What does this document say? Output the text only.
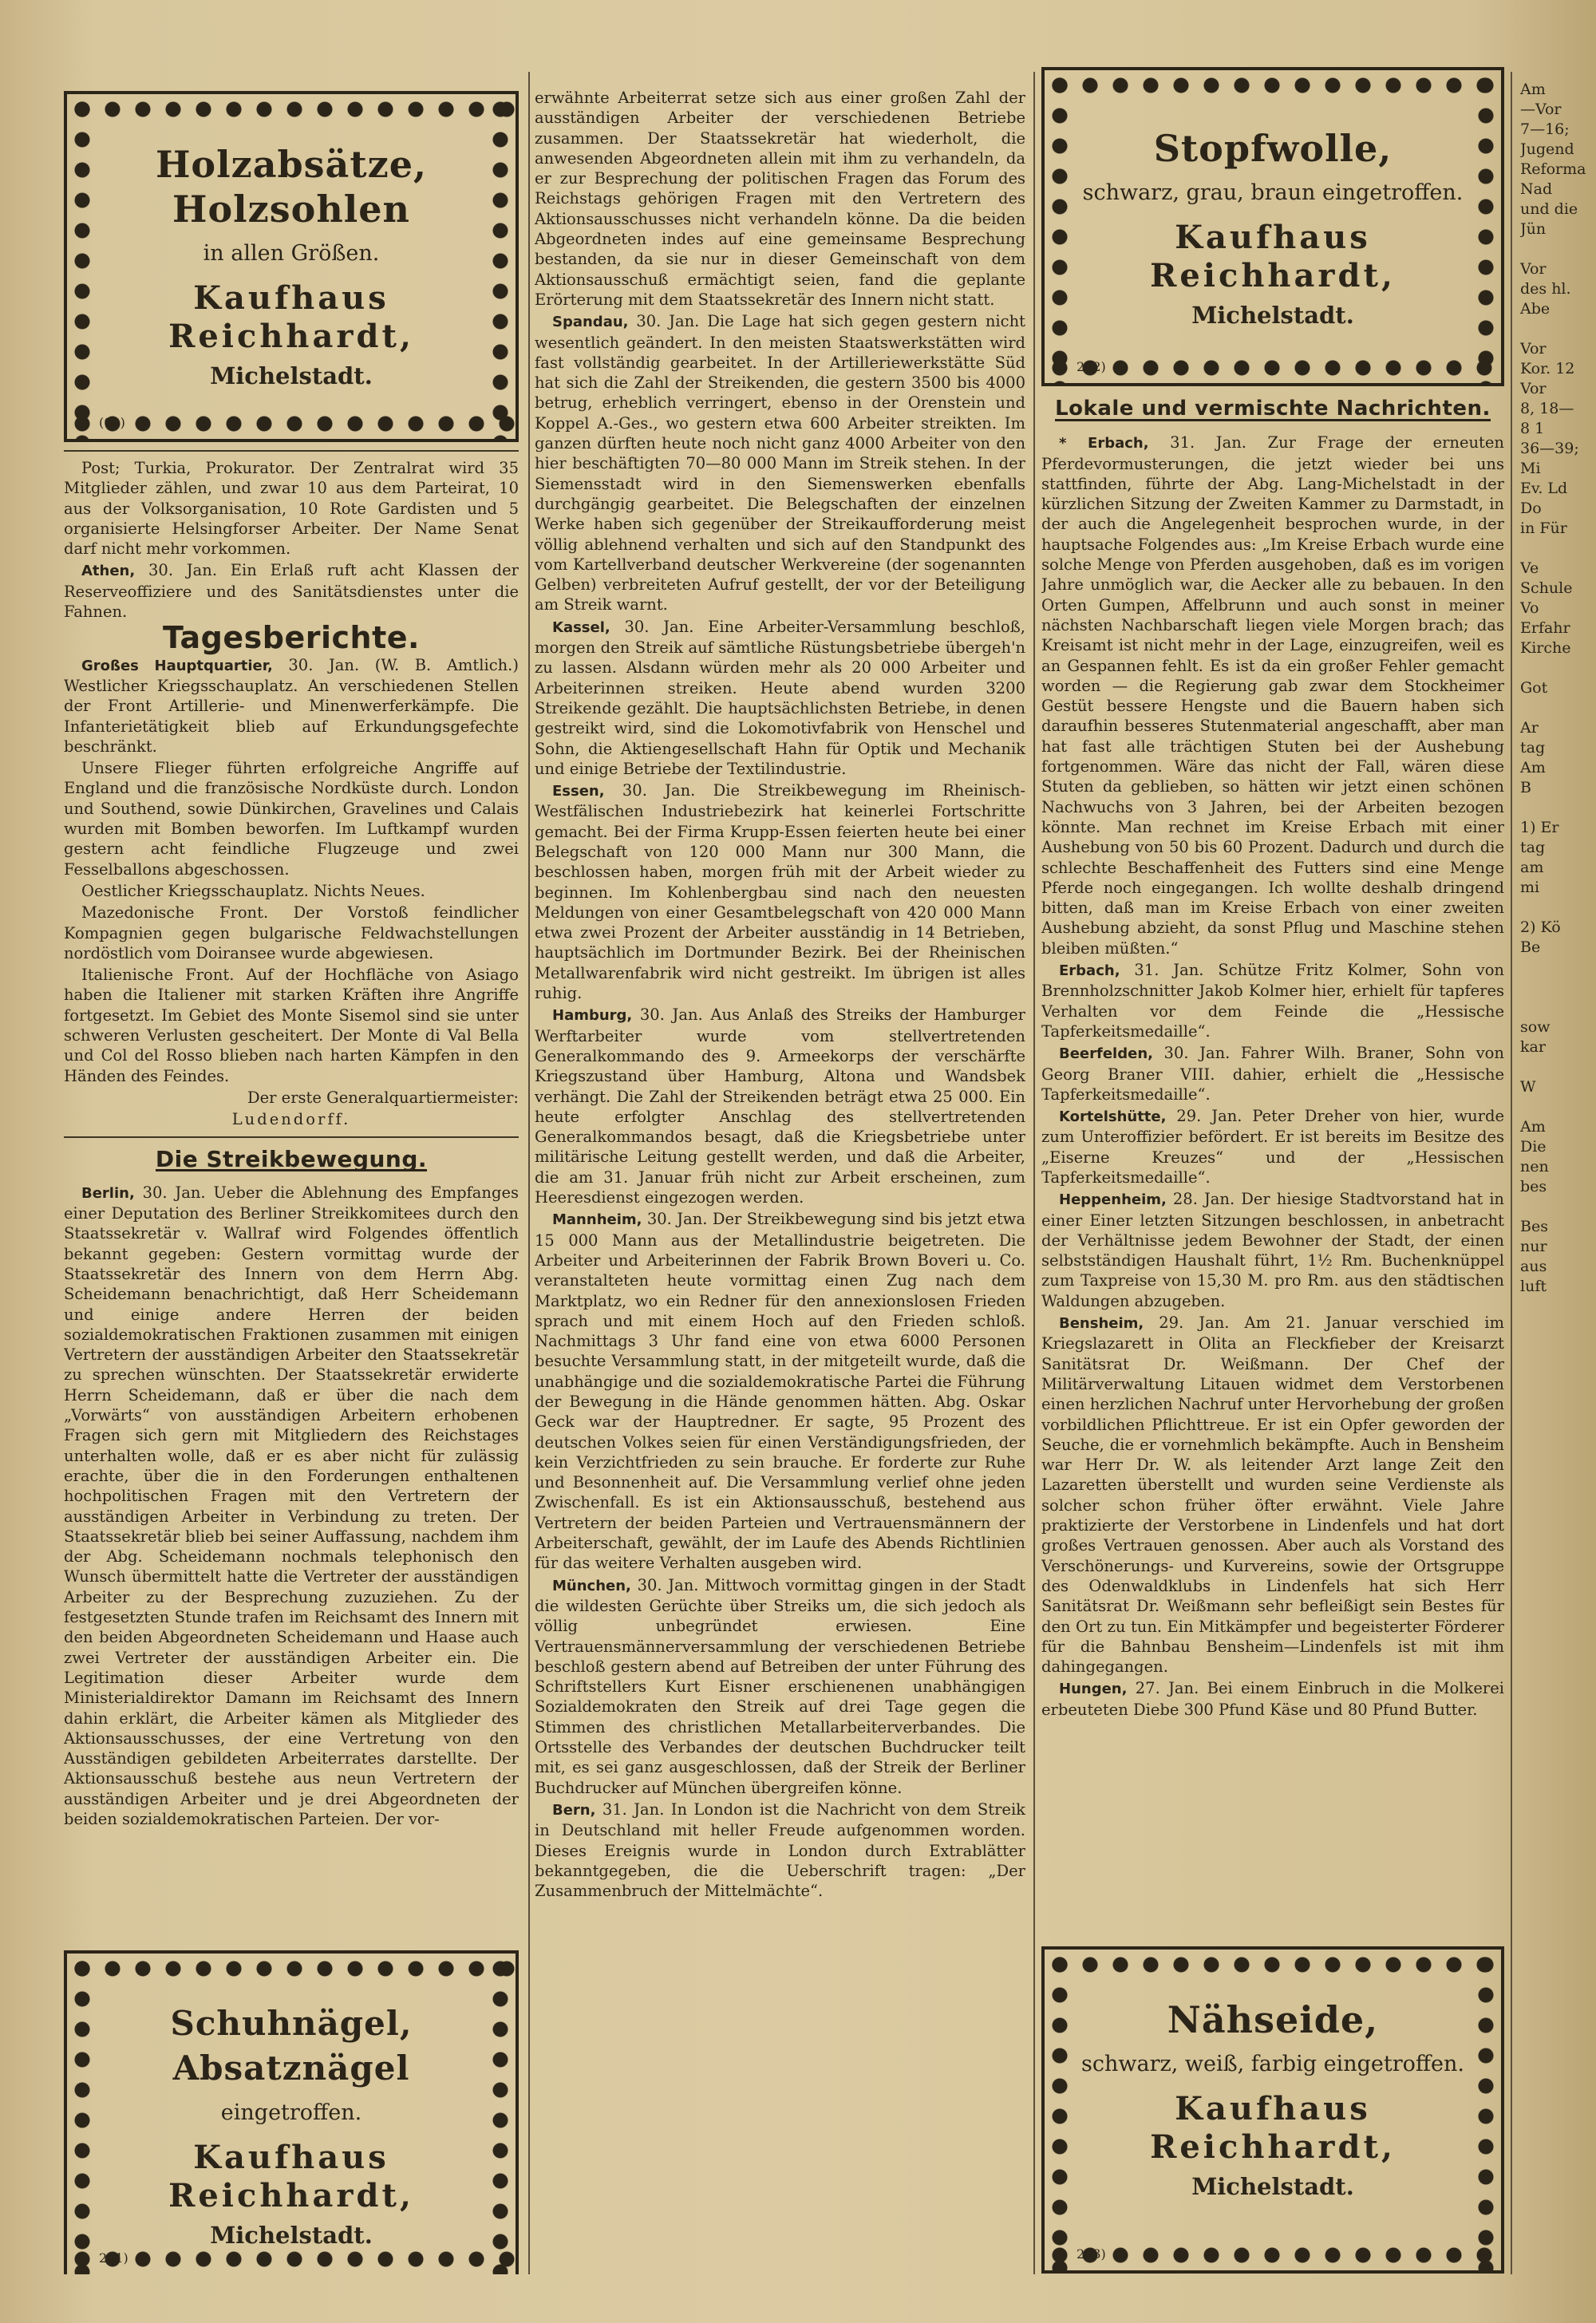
Holzabsätze, Holzsohlen
in allen Größen.
Kaufhaus Reichhardt,
Michelstadt.
(00)

Post; Turkia, Prokurator. Der Zentralrat wird 35 Mitglieder zählen, und zwar 10 aus dem Parteirat, 10 aus der Volksorganisation, 10 Rote Gardisten und 5 organisierte Helsingforser Arbeiter. Der Name Senat darf nicht mehr vorkommen.

Athen, 30. Jan. Ein Erlaß ruft acht Klassen der Reserveoffiziere und des Sanitätsdienstes unter die Fahnen.

Tagesberichte.

Großes Hauptquartier, 30. Jan. (W. B. Amtlich.) Westlicher Kriegsschauplatz. An verschiedenen Stellen der Front Artillerie- und Minenwerferkämpfe. Die Infanterietätigkeit blieb auf Erkundungsgefechte beschränkt.

Unsere Flieger führten erfolgreiche Angriffe auf England und die französische Nordküste durch. London und Southend, sowie Dünkirchen, Gravelines und Calais wurden mit Bomben beworfen. Im Luftkampf wurden gestern acht feindliche Flugzeuge und zwei Fesselballons abgeschossen.

Oestlicher Kriegsschauplatz. Nichts Neues.

Mazedonische Front. Der Vorstoß feindlicher Kompagnien gegen bulgarische Feldwachstellungen nordöstlich vom Doiransee wurde abgewiesen.

Italienische Front. Auf der Hochfläche von Asiago haben die Italiener mit starken Kräften ihre Angriffe fortgesetzt. Im Gebiet des Monte Sisemol sind sie unter schweren Verlusten gescheitert. Der Monte di Val Bella und Col del Rosso blieben nach harten Kämpfen in den Händen des Feindes.

Der erste Generalquartiermeister:

Ludendorff.

Die Streikbewegung.

Berlin, 30. Jan. Ueber die Ablehnung des Empfanges einer Deputation des Berliner Streikkomitees durch den Staatssekretär v. Wallraf wird Folgendes öffentlich bekannt gegeben: Gestern vormittag wurde der Staatssekretär des Innern von dem Herrn Abg. Scheidemann benachrichtigt, daß Herr Scheidemann und einige andere Herren der beiden sozialdemokratischen Fraktionen zusammen mit einigen Vertretern der ausständigen Arbeiter den Staatssekretär zu sprechen wünschten. Der Staatssekretär erwiderte Herrn Scheidemann, daß er über die nach dem „Vorwärts“ von ausständigen Arbeitern erhobenen Fragen sich gern mit Mitgliedern des Reichstages unterhalten wolle, daß er es aber nicht für zulässig erachte, über die in den Forderungen enthaltenen hochpolitischen Fragen mit den Vertretern der ausständigen Arbeiter in Verbindung zu treten. Der Staatssekretär blieb bei seiner Auffassung, nachdem ihm der Abg. Scheidemann nochmals telephonisch den Wunsch übermittelt hatte die Vertreter der ausständigen Arbeiter zu der Besprechung zuzuziehen. Zu der festgesetzten Stunde trafen im Reichsamt des Innern mit den beiden Abgeordneten Scheidemann und Haase auch zwei Vertreter der ausständigen Arbeiter ein. Die Legitimation dieser Arbeiter wurde dem Ministerialdirektor Damann im Reichsamt des Innern dahin erklärt, die Arbeiter kämen als Mitglieder des Aktionsausschusses, der eine Vertretung von den Ausständigen gebildeten Arbeiterrates darstellte. Der Aktionsausschuß bestehe aus neun Vertretern der ausständigen Arbeiter und je drei Abgeordneten der beiden sozialdemokratischen Parteien. Der vor-

Schuhnägel, Absatznägel
eingetroffen.
Kaufhaus Reichhardt,
Michelstadt.
201)

erwähnte Arbeiterrat setze sich aus einer großen Zahl der ausständigen Arbeiter der verschiedenen Betriebe zusammen. Der Staatssekretär hat wiederholt, die anwesenden Abgeordneten allein mit ihm zu verhandeln, da er zur Besprechung der politischen Fragen das Forum des Reichstags gehörigen Fragen mit den Vertretern des Aktionsausschusses nicht verhandeln könne. Da die beiden Abgeordneten indes auf eine gemeinsame Besprechung bestanden, da sie nur in dieser Gemeinschaft von dem Aktionsausschuß ermächtigt seien, fand die geplante Erörterung mit dem Staatssekretär des Innern nicht statt.

Spandau, 30. Jan. Die Lage hat sich gegen gestern nicht wesentlich geändert. In den meisten Staatswerkstätten wird fast vollständig gearbeitet. In der Artilleriewerkstätte Süd hat sich die Zahl der Streikenden, die gestern 3500 bis 4000 betrug, erheblich verringert, ebenso in der Orenstein und Koppel A.-Ges., wo gestern etwa 600 Arbeiter streikten. Im ganzen dürften heute noch nicht ganz 4000 Arbeiter von den hier beschäftigten 70—80 000 Mann im Streik stehen. In der Siemensstadt wird in den Siemenswerken ebenfalls durchgängig gearbeitet. Die Belegschaften der einzelnen Werke haben sich gegenüber der Streikaufforderung meist völlig ablehnend verhalten und sich auf den Standpunkt des vom Kartellverband deutscher Werkvereine (der sogenannten Gelben) verbreiteten Aufruf gestellt, der vor der Beteiligung am Streik warnt.

Kassel, 30. Jan. Eine Arbeiter-Versammlung beschloß, morgen den Streik auf sämtliche Rüstungsbetriebe übergeh'n zu lassen. Alsdann würden mehr als 20 000 Arbeiter und Arbeiterinnen streiken. Heute abend wurden 3200 Streikende gezählt. Die hauptsächlichsten Betriebe, in denen gestreikt wird, sind die Lokomotivfabrik von Henschel und Sohn, die Aktiengesellschaft Hahn für Optik und Mechanik und einige Betriebe der Textilindustrie.

Essen, 30. Jan. Die Streikbewegung im Rheinisch-Westfälischen Industriebezirk hat keinerlei Fortschritte gemacht. Bei der Firma Krupp-Essen feierten heute bei einer Belegschaft von 120 000 Mann nur 300 Mann, die beschlossen haben, morgen früh mit der Arbeit wieder zu beginnen. Im Kohlenbergbau sind nach den neuesten Meldungen von einer Gesamtbelegschaft von 420 000 Mann etwa zwei Prozent der Arbeiter ausständig in 14 Betrieben, hauptsächlich im Dortmunder Bezirk. Bei der Rheinischen Metallwarenfabrik wird nicht gestreikt. Im übrigen ist alles ruhig.

Hamburg, 30. Jan. Aus Anlaß des Streiks der Hamburger Werftarbeiter wurde vom stellvertretenden Generalkommando des 9. Armeekorps der verschärfte Kriegszustand über Hamburg, Altona und Wandsbek verhängt. Die Zahl der Streikenden beträgt etwa 25 000. Ein heute erfolgter Anschlag des stellvertretenden Generalkommandos besagt, daß die Kriegsbetriebe unter militärische Leitung gestellt werden, und daß die Arbeiter, die am 31. Januar früh nicht zur Arbeit erscheinen, zum Heeresdienst eingezogen werden.

Mannheim, 30. Jan. Der Streikbewegung sind bis jetzt etwa 15 000 Mann aus der Metallindustrie beigetreten. Die Arbeiter und Arbeiterinnen der Fabrik Brown Boveri u. Co. veranstalteten heute vormittag einen Zug nach dem Marktplatz, wo ein Redner für den annexionslosen Frieden sprach und mit einem Hoch auf den Frieden schloß. Nachmittags 3 Uhr fand eine von etwa 6000 Personen besuchte Versammlung statt, in der mitgeteilt wurde, daß die unabhängige und die sozialdemokratische Partei die Führung der Bewegung in die Hände genommen hätten. Abg. Oskar Geck war der Hauptredner. Er sagte, 95 Prozent des deutschen Volkes seien für einen Verständigungsfrieden, der kein Verzichtfrieden zu sein brauche. Er forderte zur Ruhe und Besonnenheit auf. Die Versammlung verlief ohne jeden Zwischenfall. Es ist ein Aktionsausschuß, bestehend aus Vertretern der beiden Parteien und Vertrauensmännern der Arbeiterschaft, gewählt, der im Laufe des Abends Richtlinien für das weitere Verhalten ausgeben wird.

München, 30. Jan. Mittwoch vormittag gingen in der Stadt die wildesten Gerüchte über Streiks um, die sich jedoch als völlig unbegründet erwiesen. Eine Vertrauensmännerversammlung der verschiedenen Betriebe beschloß gestern abend auf Betreiben der unter Führung des Schriftstellers Kurt Eisner erschienenen unabhängigen Sozialdemokraten den Streik auf drei Tage gegen die Stimmen des christlichen Metallarbeiterverbandes. Die Ortsstelle des Verbandes der deutschen Buchdrucker teilt mit, es sei ganz ausgeschlossen, daß der Streik der Berliner Buchdrucker auf München übergreifen könne.

Bern, 31. Jan. In London ist die Nachricht von dem Streik in Deutschland mit heller Freude aufgenommen worden. Dieses Ereignis wurde in London durch Extrablätter bekanntgegeben, die die Ueberschrift tragen: „Der Zusammenbruch der Mittelmächte“.

Stopfwolle,
schwarz, grau, braun eingetroffen.
Kaufhaus Reichhardt,
Michelstadt.
202)
Lokale und vermischte Nachrichten.

* Erbach, 31. Jan. Zur Frage der erneuten Pferdevormusterungen, die jetzt wieder bei uns stattfinden, führte der Abg. Lang-Michelstadt in der kürzlichen Sitzung der Zweiten Kammer zu Darmstadt, in der auch die Angelegenheit besprochen wurde, in der hauptsache Folgendes aus: „Im Kreise Erbach wurde eine solche Menge von Pferden ausgehoben, daß es im vorigen Jahre unmöglich war, die Aecker alle zu bebauen. In den Orten Gumpen, Affelbrunn und auch sonst in meiner nächsten Nachbarschaft liegen viele Morgen brach; das Kreisamt ist nicht mehr in der Lage, einzugreifen, weil es an Gespannen fehlt. Es ist da ein großer Fehler gemacht worden — die Regierung gab zwar dem Stockheimer Gestüt bessere Hengste und die Bauern haben sich daraufhin besseres Stutenmaterial angeschafft, aber man hat fast alle trächtigen Stuten bei der Aushebung fortgenommen. Wäre das nicht der Fall, wären diese Stuten da geblieben, so hätten wir jetzt einen schönen Nachwuchs von 3 Jahren, bei der Arbeiten bezogen könnte. Man rechnet im Kreise Erbach mit einer Aushebung von 50 bis 60 Prozent. Dadurch und durch die schlechte Beschaffenheit des Futters sind eine Menge Pferde noch eingegangen. Ich wollte deshalb dringend bitten, daß man im Kreise Erbach von einer zweiten Aushebung abzieht, da sonst Pflug und Maschine stehen bleiben müßten.“

Erbach, 31. Jan. Schütze Fritz Kolmer, Sohn von Brennholzschnitter Jakob Kolmer hier, erhielt für tapferes Verhalten vor dem Feinde die „Hessische Tapferkeitsmedaille“.

Beerfelden, 30. Jan. Fahrer Wilh. Braner, Sohn von Georg Braner VIII. dahier, erhielt die „Hessische Tapferkeitsmedaille“.

Kortelshütte, 29. Jan. Peter Dreher von hier, wurde zum Unteroffizier befördert. Er ist bereits im Besitze des „Eiserne Kreuzes“ und der „Hessischen Tapferkeitsmedaille“.

Heppenheim, 28. Jan. Der hiesige Stadtvorstand hat in einer Einer letzten Sitzungen beschlossen, in anbetracht der Verhältnisse jedem Bewohner der Stadt, der einen selbstständigen Haushalt führt, 1½ Rm. Buchenknüppel zum Taxpreise von 15,30 M. pro Rm. aus den städtischen Waldungen abzugeben.

Bensheim, 29. Jan. Am 21. Januar verschied im Kriegslazarett in Olita an Fleckfieber der Kreisarzt Sanitätsrat Dr. Weißmann. Der Chef der Militärverwaltung Litauen widmet dem Verstorbenen einen herzlichen Nachruf unter Hervorhebung der großen vorbildlichen Pflichttreue. Er ist ein Opfer geworden der Seuche, die er vornehmlich bekämpfte. Auch in Bensheim war Herr Dr. W. als leitender Arzt lange Zeit den Lazaretten überstellt und wurden seine Verdienste als solcher schon früher öfter erwähnt. Viele Jahre praktizierte der Verstorbene in Lindenfels und hat dort großes Vertrauen genossen. Aber auch als Vorstand des Verschönerungs- und Kurvereins, sowie der Ortsgruppe des Odenwaldklubs in Lindenfels hat sich Herr Sanitätsrat Dr. Weißmann sehr befleißigt sein Bestes für den Ort zu tun. Ein Mitkämpfer und begeisterter Förderer für die Bahnbau Bensheim—Lindenfels ist mit ihm dahingegangen.

Hungen, 27. Jan. Bei einem Einbruch in die Molkerei erbeuteten Diebe 300 Pfund Käse und 80 Pfund Butter.

Nähseide,
schwarz, weiß, farbig eingetroffen.
Kaufhaus Reichhardt,
Michelstadt.
203)
Am
—Vor
7—16;
Jugend
Reforma
Nad
und die
Jün

Vor
des hl.
Abe

Vor
Kor. 12
Vor
8, 18—
8 1
36—39;
Mi
Ev. Ld
Do
in Für

Ve
Schule
Vo
Erfahr
Kirche

Got

Ar
tag
Am
B

1) Er
tag
am
mi

2) Kö
Be

sow
kar

W

Am
Die
nen
bes

Bes
nur
aus
luft
